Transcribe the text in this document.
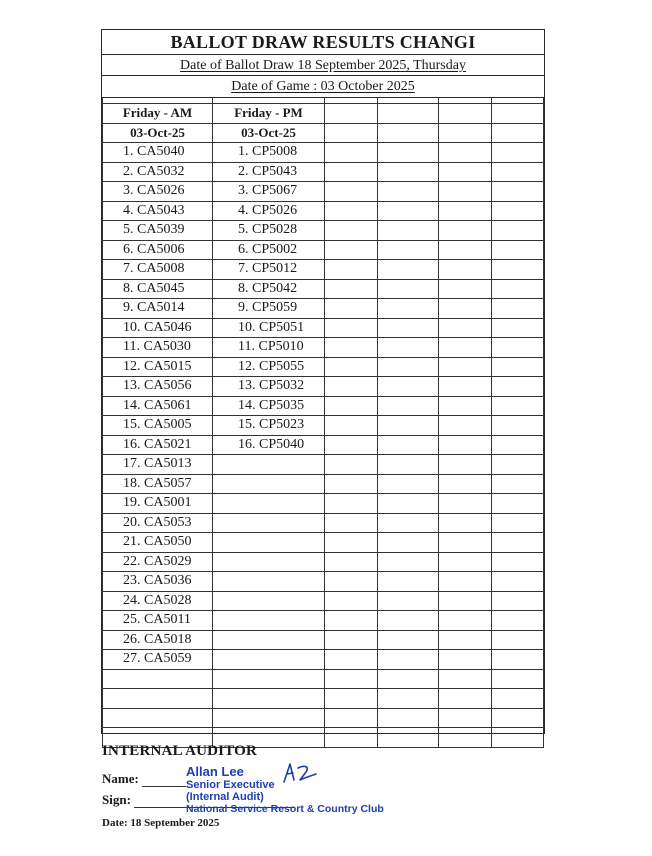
BALLOT DRAW RESULTS CHANGI
Date of Ballot Draw 18 September 2025, Thursday
Date of Game : 03 October 2025

Friday - AM	Friday - PM				
03-Oct-25	03-Oct-25				
1. CA5040	1. CP5008				
2. CA5032	2. CP5043				
3. CA5026	3. CP5067				
4. CA5043	4. CP5026				
5. CA5039	5. CP5028				
6. CA5006	6. CP5002				
7. CA5008	7. CP5012				
8. CA5045	8. CP5042				
9. CA5014	9. CP5059				
10. CA5046	10. CP5051				
11. CA5030	11. CP5010				
12. CA5015	12. CP5055				
13. CA5056	13. CP5032				
14. CA5061	14. CP5035				
15. CA5005	15. CP5023				
16. CA5021	16. CP5040				
17. CA5013					
18. CA5057					
19. CA5001					
20. CA5053					
21. CA5050					
22. CA5029					
23. CA5036					
24. CA5028					
25. CA5011					
26. CA5018					
27. CA5059					

INTERNAL AUDITOR
Name:
Sign:
Date: 18 September 2025
Allan Lee
Senior Executive
(Internal Audit)
National Service Resort & Country Club
